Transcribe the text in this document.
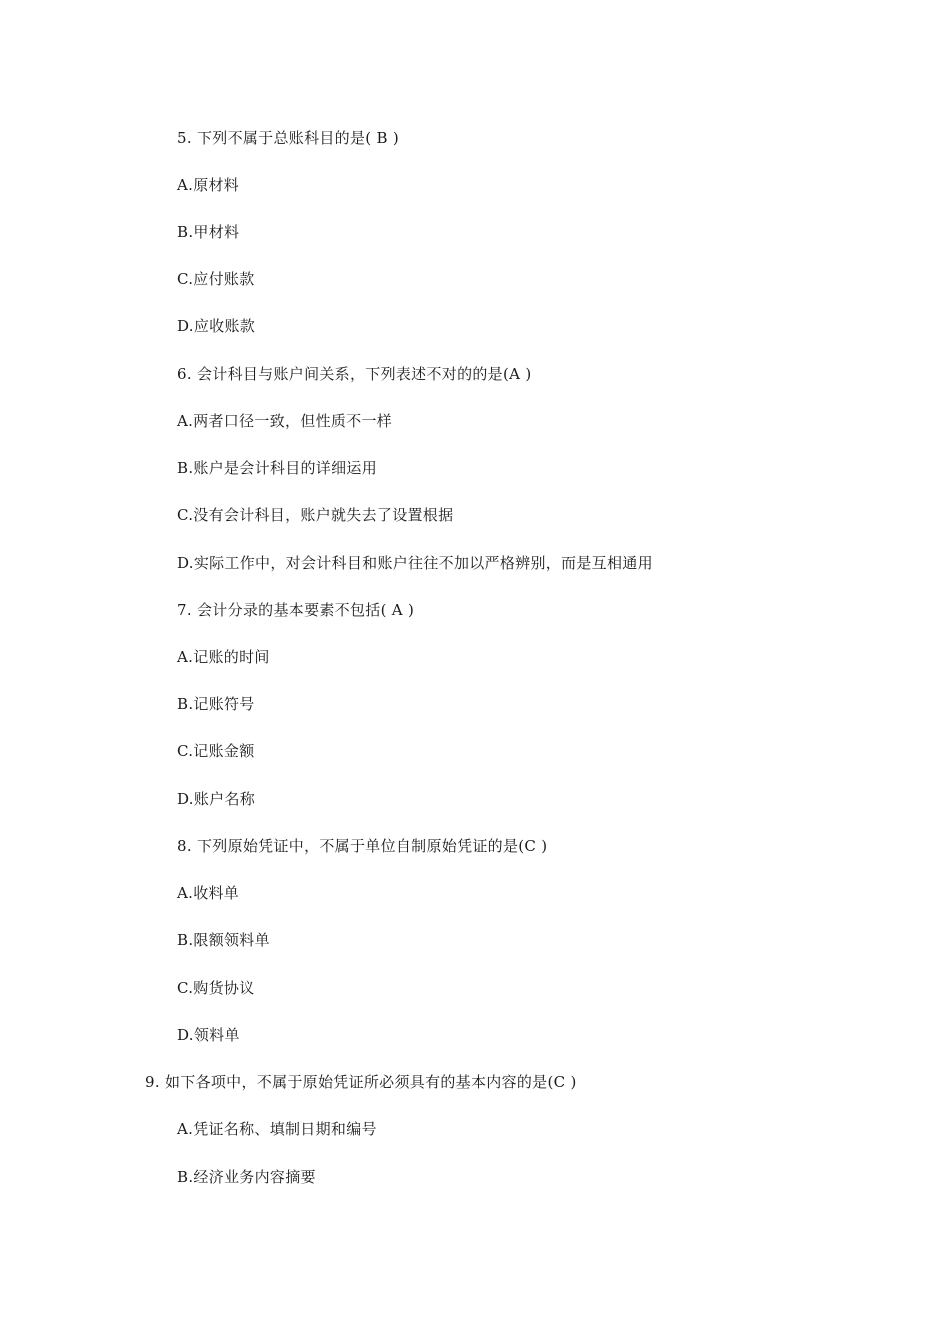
5. 下列不属于总账科目的是( B )
A.原材料
B.甲材料
C.应付账款
D.应收账款
6. 会计科目与账户间关系，下列表述不对的的是(A )
A.两者口径一致，但性质不一样
B.账户是会计科目的详细运用
C.没有会计科目，账户就失去了设置根据
D.实际工作中，对会计科目和账户往往不加以严格辨别，而是互相通用
7. 会计分录的基本要素不包括( A )
A.记账的时间
B.记账符号
C.记账金额
D.账户名称
8. 下列原始凭证中，不属于单位自制原始凭证的是(C )
A.收料单
B.限额领料单
C.购货协议
D.领料单
9. 如下各项中，不属于原始凭证所必须具有的基本内容的是(C )
A.凭证名称、填制日期和编号
B.经济业务内容摘要
